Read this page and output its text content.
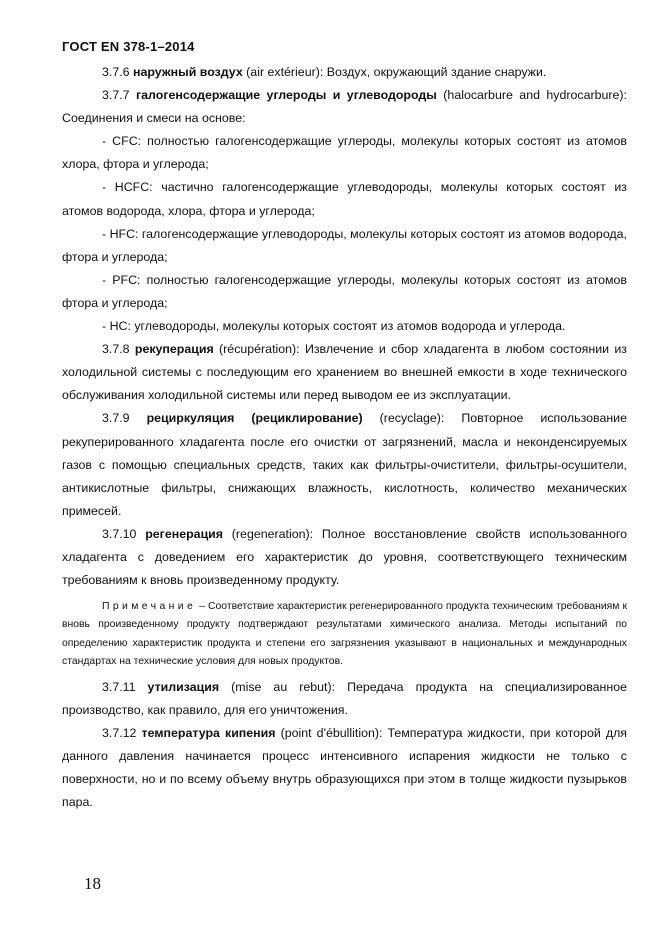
ГОСТ EN 378-1–2014

3.7.6 наружный воздух (air extérieur): Воздух, окружающий здание снаружи.

3.7.7 галогенсодержащие углероды и углеводороды (halocarbure and hydrocarbure): Соединения и смеси на основе:

- CFC: полностью галогенсодержащие углероды, молекулы которых состоят из атомов хлора, фтора и углерода;

- HCFC: частично галогенсодержащие углеводороды, молекулы которых состоят из атомов водорода, хлора, фтора и углерода;

- HFC: галогенсодержащие углеводороды, молекулы которых состоят из атомов водорода, фтора и углерода;

- PFC: полностью галогенсодержащие углероды, молекулы которых состоят из атомов фтора и углерода;

- HC: углеводороды, молекулы которых состоят из атомов водорода и углерода.

3.7.8 рекуперация (récupération): Извлечение и сбор хладагента в любом состоянии из холодильной системы с последующим его хранением во внешней емкости в ходе технического обслуживания холодильной системы или перед выводом ее из эксплуатации.

3.7.9 рециркуляция (рециклирование) (recyclage): Повторное использование рекуперированного хладагента после его очистки от загрязнений, масла и неконденсируемых газов с помощью специальных средств, таких как фильтры-очистители, фильтры-осушители, антикислотные фильтры, снижающих влажность, кислотность, количество механических примесей.

3.7.10 регенерация (regeneration): Полное восстановление свойств использованного хладагента с доведением его характеристик до уровня, соответствующего техническим требованиям к вновь произведенному продукту.

Примечание – Соответствие характеристик регенерированного продукта техническим требованиям к вновь произведенному продукту подтверждают результатами химического анализа. Методы испытаний по определению характеристик продукта и степени его загрязнения указывают в национальных и международных стандартах на технические условия для новых продуктов.

3.7.11 утилизация (mise au rebut): Передача продукта на специализированное производство, как правило, для его уничтожения.

3.7.12 температура кипения (point d'ébullition): Температура жидкости, при которой для данного давления начинается процесс интенсивного испарения жидкости не только с поверхности, но и по всему объему внутрь образующихся при этом в толще жидкости пузырьков пара.

18
